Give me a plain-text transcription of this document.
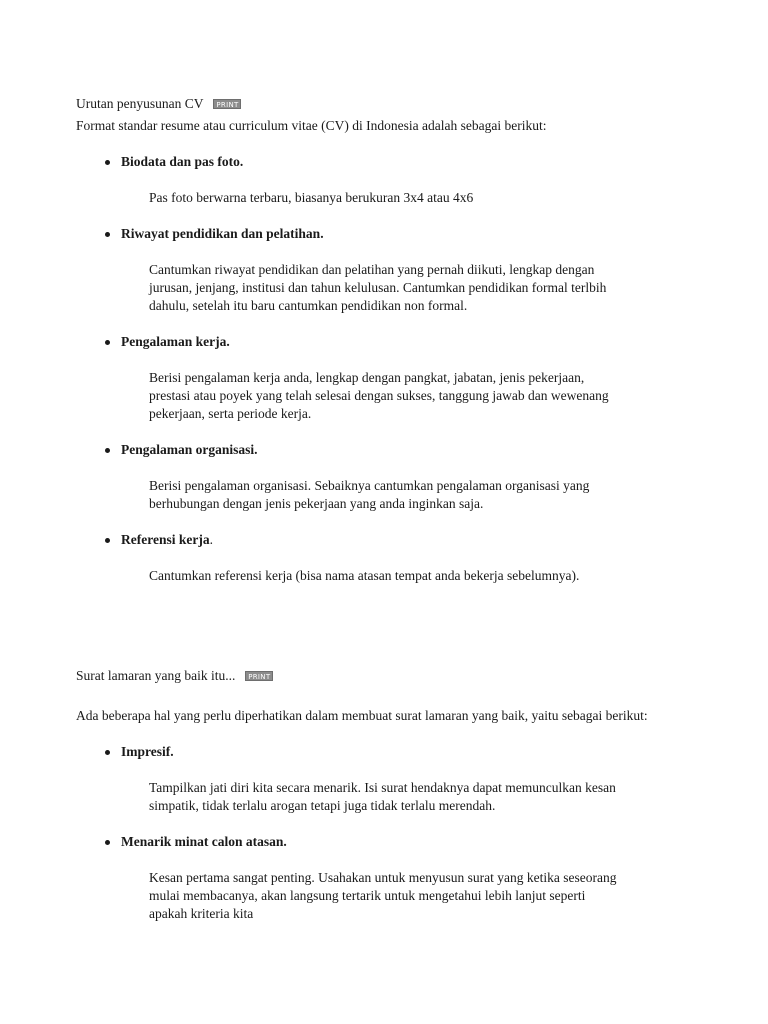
Urutan penyusunan CV	PRINT
Format standar resume atau curriculum vitae (CV) di Indonesia adalah sebagai berikut:
Biodata dan pas foto.
Pas foto berwarna terbaru, biasanya berukuran 3x4 atau 4x6
Riwayat pendidikan dan pelatihan.
Cantumkan riwayat pendidikan dan pelatihan yang pernah diikuti, lengkap dengan jurusan, jenjang, institusi dan tahun kelulusan. Cantumkan pendidikan formal terlbih dahulu, setelah itu baru cantumkan pendidikan non formal.
Pengalaman kerja.
Berisi pengalaman kerja anda, lengkap dengan pangkat, jabatan, jenis pekerjaan, prestasi atau poyek yang telah selesai dengan sukses, tanggung jawab dan wewenang pekerjaan, serta periode kerja.
Pengalaman organisasi.
Berisi pengalaman organisasi. Sebaiknya cantumkan pengalaman organisasi yang berhubungan dengan jenis pekerjaan yang anda inginkan saja.
Referensi kerja.
Cantumkan referensi kerja (bisa nama atasan tempat anda bekerja sebelumnya).
Surat lamaran yang baik itu...	PRINT
Ada beberapa hal yang perlu diperhatikan dalam membuat surat lamaran yang baik, yaitu sebagai berikut:
Impresif.
Tampilkan jati diri kita secara menarik. Isi surat hendaknya dapat memunculkan kesan simpatik, tidak terlalu arogan tetapi juga tidak terlalu merendah.
Menarik minat calon atasan.
Kesan pertama sangat penting. Usahakan untuk menyusun surat yang ketika seseorang mulai membacanya, akan langsung tertarik untuk mengetahui lebih lanjut seperti apakah kriteria kita
